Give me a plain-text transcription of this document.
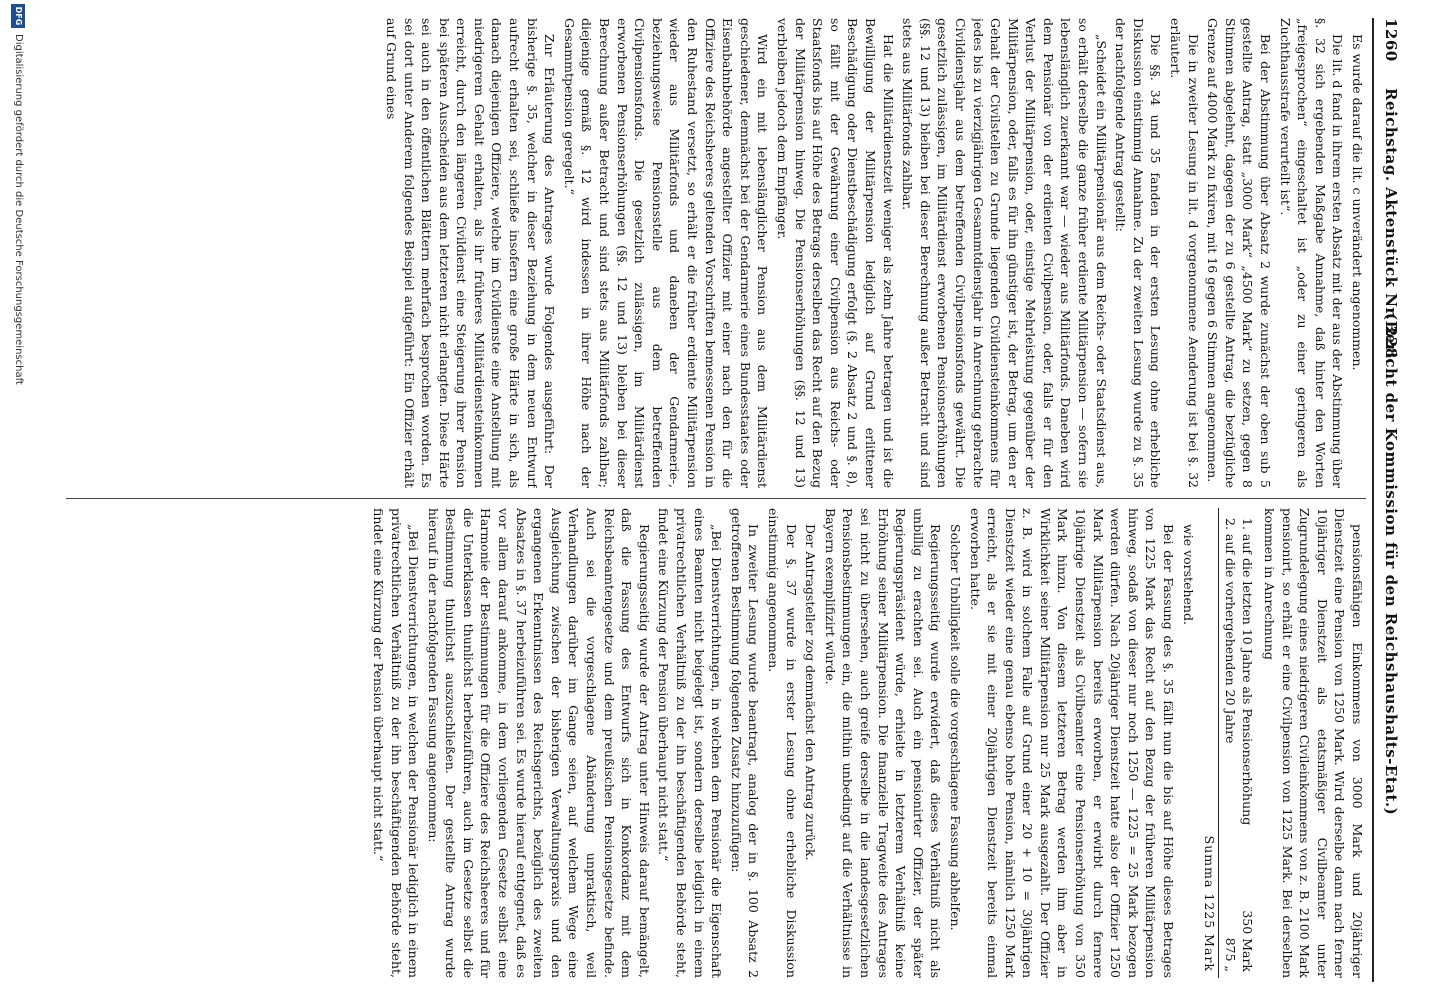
1260
Reichstag. Aktenstück Nr. 228.
(Bericht der Kommission für den Reichshaushalts-Etat.)

Es wurde darauf die lit. c unverändert angenommen.

Die lit. d fand in ihrem ersten Absatz mit der aus der Abstimmung über §. 32 sich ergebenden Maßgabe Annahme, daß hinter den Worten „freigesprochen“ eingeschaltet ist „oder zu einer geringeren als Zuchthausstrafe verurteilt ist“.

Bei der Abstimmung über Absatz 2 wurde zunächst der oben sub 5 gestellte Antrag, statt „3000 Mark“ „4500 Mark“ zu setzen, gegen 8 Stimmen abgelehnt, dagegen der zu 6 gestellte Antrag, die beztügliche Grenze auf 4000 Mark zu fixiren, mit 16 gegen 6 Stimmen angenommen.

Die in zweiter Lesung in lit. d vorgenommene Aenderung ist bei §. 32 erläutert.

Die §§. 34 und 35 fanden in der ersten Lesung ohne erhebliche Diskussion einstimmig Annahme. Zu der zweiten Lesung wurde zu §. 35 der nachfolgende Antrag gestellt:

„Scheidet ein Militärpensionär aus dem Reichs- oder Staatsdienst aus, so erhält derselbe die ganze früher erdiente Militärpension — sofern sie lebenslänglich zuerkannt war — wieder aus Militärfonds. Daneben wird dem Pensionär von der erdienten Civilpension, oder, falls er für den Verlust der Militärpension, oder, einstige Mehrleistung gegenüber der Militärpension, oder, falls es für ihn günstiger ist, der Betrag, um den er Gehalt der Civilstellen zu Grunde liegenden Civildiensteinkommens für jedes bis zu vierzigjährigen Gesammtdienstjahr in Anrechnung gebrachte Civildienstjahr aus dem betreffenden Civilpensionsfonds gewährt. Die gesetzlich zulässigen, im Militärdienst erworbenen Pensionserhöhungen (§§. 12 und 13) bleiben bei dieser Berechnung außer Betracht und sind stets aus Militärfonds zahlbar.

Hat die Militärdienstzeit weniger als zehn Jahre betragen und ist die Bewilligung der Militärpension lediglich auf Grund erlittener Beschädigung oder Dienstbeschädigung erfolgt (§. 2 Absatz 2 und §. 8), so fällt mit der Gewährung einer Civilpension aus Reichs- oder Staatsfonds bis auf Höhe des Betrags derselben das Recht auf den Bezug der Militärpension hinweg. Die Pensionserhöhungen (§§. 12 und 13) verbleiben jedoch dem Empfänger.

Wird ein mit lebenslänglicher Pension aus dem Militärdienst geschiedener, demnächst bei der Gendarmerie eines Bundesstaates oder Eisenbahnbehörde angestellter Offizier mit einer nach den für die Offiziere des Reichsheeres geltenden Vorschriften bemessenen Pension in den Ruhestand versetzt, so erhält er die früher erdiente Militärpension wieder aus Militärfonds und daneben der Gendarmerie-, beziehungsweise Pensionsstelle aus dem betreffenden Civilpensionsfonds. Die gesetzlich zulässigen, im Militärdienst erworbenen Pensionserhöhungen (§§. 12 und 13) bleiben bei dieser Berechnung außer Betracht und sind stets aus Militärfonds zahlbar; diejenige gemäß §. 12 wird indessen in ihrer Höhe nach der Gesammtpension geregelt.“

Zur Erläuterung des Antrages wurde Folgendes ausgeführt: Der bisherige §. 35, welcher in dieser Beziehung in dem neuen Entwurf aufrecht erhalten sei, schließe insofern eine große Härte in sich, als danach diejenigen Offiziere, welche im Civildienste eine Anstellung mit niedrigerem Gehalt erhalten, als ihr früheres Militärdiensteinkommen erreicht, durch den längeren Civildienst eine Steigerung ihrer Pension bei späteren Ausscheiden aus dem letzteren nicht erlangten. Diese Härte sei auch in den öffentlichen Blättern mehrfach besprochen worden. Es sei dort unter Anderem folgendes Beispiel aufgeführt: Ein Offizier erhält auf Grund eines

pensionsfähigen Einkommens von 3000 Mark und 20jähriger Dienstzeit eine Pension von 1250 Mark. Wird derselbe dann nach ferner 10jähriger Dienstzeit als etatsmäßiger Civilbeamter unter Zugrundelegung eines niedrigeren Civileinkommens von z. B. 2100 Mark pensionirt, so erhält er eine Civilpension von 1225 Mark. Bei derselben kommen in Anrechnung

1. auf die letzten 10 Jahre als Pensionserhöhung
350 Mark
2. auf die vorhergehenden 20 Jahre
875 „
Summa 1225 Mark

wie vorstehend.

Bei der Fassung des §. 35 fällt nun die bis auf Höhe dieses Betrages von 1225 Mark das Recht auf den Bezug der früheren Militärpension hinweg, sodaß von dieser nur noch 1250 — 1225 = 25 Mark bezogen werden dürfen. Nach 20jähriger Dienstzeit hatte also der Offizier 1250 Mark Militärpension bereits erworben, er erwirbt durch fernere 10jährige Dienstzeit als Civilbeamter eine Pensionserhöhung von 350 Mark hinzu. Von diesem letzteren Betrag werden ihm aber in Wirklichkeit seiner Militärpension nur 25 Mark ausgezahlt. Der Offizier z. B. wird in solchem Falle auf Grund einer 20 + 10 = 30jährigen Dienstzeit wieder eine genau ebenso hohe Pension, nämlich 1250 Mark erreicht, als er sie mit einer 20jährigen Dienstzeit bereits einmal erworben hatte.

Solcher Unbilligkeit solle die vorgeschlagene Fassung abhelfen.

Regierungsseitig wurde erwidert, daß dieses Verhältniß nicht als unbillig zu erachten sei. Auch ein pensionirter Offizier, der später Regierungspräsident würde, erhielte in letzterem Verhältniß keine Erhöhung seiner Militärpension. Die finanzielle Tragweite des Antrages sei nicht zu übersehen, auch greife derselbe in die landesgesetzlichen Pensionsbestimmungen ein, die mithin unbedingt auf die Verhältnisse in Bayern exemplifizirt würde.

Der Antragsteller zog demnächst den Antrag zurück.

Der §. 37 wurde in erster Lesung ohne erhebliche Diskussion einstimmig angenommen.

In zweiter Lesung wurde beantragt, analog der in §. 100 Absatz 2 getroffenen Bestimmung folgenden Zusatz hinzuzufügen:

„Bei Dienstverrichtungen, in welchen dem Pensionär die Eigenschaft eines Beamten nicht beigelegt ist, sondern derselbe lediglich in einem privatrechtlichen Verhältniß zu der ihn beschäftigenden Behörde steht, findet eine Kürzung der Pension überhaupt nicht statt.“

Regierungsseitig wurde der Antrag unter Hinweis darauf bemängelt, daß die Fassung des Entwurfs sich in Konkordanz mit dem Reichsbeamtengesetze und dem preußischen Pensionsgesetze befinde. Auch sei die vorgeschlagene Abänderung unpraktisch, weil Verhandlungen darüber im Gange seien, auf welchem Wege eine Ausgleichung zwischen der bisherigen Verwaltungspraxis und den ergangenen Erkenntnissen des Reichsgerichts, bezüglich des zweiten Absatzes in §. 37 herbeizuführen sei. Es wurde hierauf entgegnet, daß es vor allem darauf ankomme, in dem vorliegenden Gesetze selbst eine Harmonie der Bestimmungen für die Offiziere des Reichsheeres und für die Unterklassen thunlichst herbeizuführen, auch im Gesetze selbst die Bestimmung thunlichst auszuschließen. Der gestellte Antrag wurde hierauf in der nachfolgenden Fassung angenommen:

„Bei Dienstverrichtungen, in welchen der Pensionär lediglich in einem privatrechtlichen Verhältniß zu der ihn beschäftigenden Behörde steht, findet eine Kürzung der Pension überhaupt nicht statt.“

DFG
Digitalisierung gefördert durch die Deutsche Forschungsgemeinschaft
